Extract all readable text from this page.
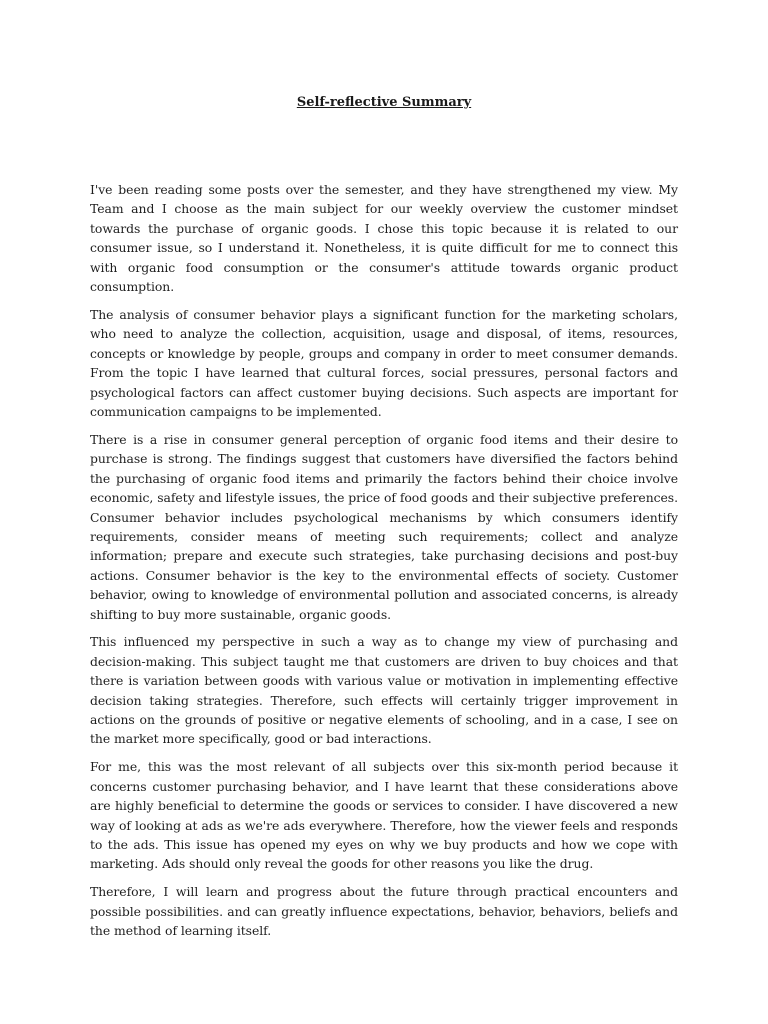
Self-reflective Summary

I've been reading some posts over the semester, and they have strengthened my view. My Team and I choose as the main subject for our weekly overview the customer mindset towards the purchase of organic goods. I chose this topic because it is related to our consumer issue, so I understand it. Nonetheless, it is quite difficult for me to connect this with organic food consumption or the consumer's attitude towards organic product consumption.

The analysis of consumer behavior plays a significant function for the marketing scholars, who need to analyze the collection, acquisition, usage and disposal, of items, resources, concepts or knowledge by people, groups and company in order to meet consumer demands. From the topic I have learned that cultural forces, social pressures, personal factors and psychological factors can affect customer buying decisions. Such aspects are important for communication campaigns to be implemented.

There is a rise in consumer general perception of organic food items and their desire to purchase is strong. The findings suggest that customers have diversified the factors behind the purchasing of organic food items and primarily the factors behind their choice involve economic, safety and lifestyle issues, the price of food goods and their subjective preferences. Consumer behavior includes psychological mechanisms by which consumers identify requirements, consider means of meeting such requirements; collect and analyze information; prepare and execute such strategies, take purchasing decisions and post-buy actions. Consumer behavior is the key to the environmental effects of society. Customer behavior, owing to knowledge of environmental pollution and associated concerns, is already shifting to buy more sustainable, organic goods.

This influenced my perspective in such a way as to change my view of purchasing and decision-making. This subject taught me that customers are driven to buy choices and that there is variation between goods with various value or motivation in implementing effective decision taking strategies. Therefore, such effects will certainly trigger improvement in actions on the grounds of positive or negative elements of schooling, and in a case, I see on the market more specifically, good or bad interactions.

For me, this was the most relevant of all subjects over this six-month period because it concerns customer purchasing behavior, and I have learnt that these considerations above are highly beneficial to determine the goods or services to consider. I have discovered a new way of looking at ads as we're ads everywhere. Therefore, how the viewer feels and responds to the ads. This issue has opened my eyes on why we buy products and how we cope with marketing. Ads should only reveal the goods for other reasons you like the drug.

Therefore, I will learn and progress about the future through practical encounters and possible possibilities. and can greatly influence expectations, behavior, behaviors, beliefs and the method of learning itself.
